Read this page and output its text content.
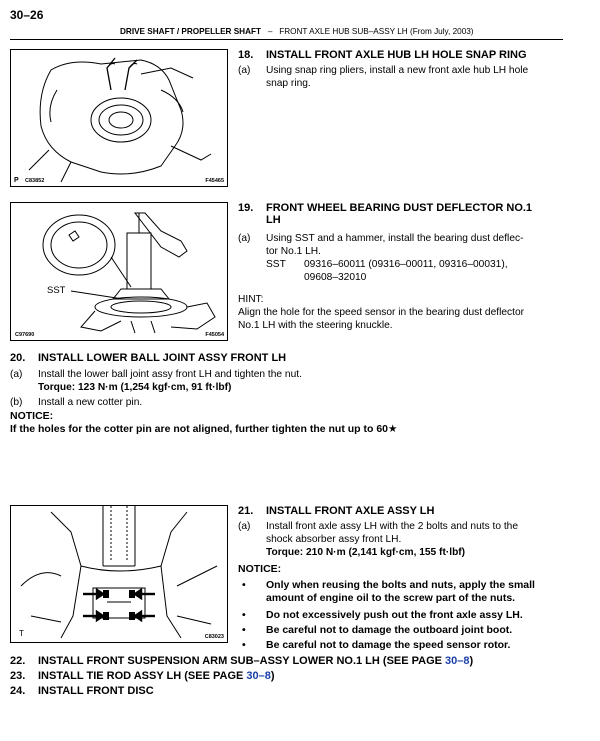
30–26
DRIVE SHAFT / PROPELLER SHAFT – FRONT AXLE HUB SUB–ASSY LH (From July, 2003)
P C83852	F45465
18. INSTALL FRONT AXLE HUB LH HOLE SNAP RING
(a) Using snap ring pliers, install a new front axle hub LH hole
snap ring.
SST
C97690	F45054
19. FRONT WHEEL BEARING DUST DEFLECTOR NO.1
LH
(a) Using SST and a hammer, install the bearing dust deflec-
tor No.1 LH.
SST 09316–60011 (09316–00011, 09316–00031),
09608–32010
HINT:
Align the hole for the speed sensor in the bearing dust deflector
No.1 LH with the steering knuckle.
20. INSTALL LOWER BALL JOINT ASSY FRONT LH
(a) Install the lower ball joint assy front LH and tighten the nut.
Torque: 123 N·m (1,254 kgf·cm, 91 ft·lbf)
(b) Install a new cotter pin.
NOTICE:
If the holes for the cotter pin are not aligned, further tighten the nut up to 60★
T	C83023
21. INSTALL FRONT AXLE ASSY LH
(a) Install front axle assy LH with the 2 bolts and nuts to the
shock absorber assy front LH.
Torque: 210 N·m (2,141 kgf·cm, 155 ft·lbf)
NOTICE:
• Only when reusing the bolts and nuts, apply the small
amount of engine oil to the screw part of the nuts.
• Do not excessively push out the front axle assy LH.
• Be careful not to damage the outboard joint boot.
• Be careful not to damage the speed sensor rotor.
22. INSTALL FRONT SUSPENSION ARM SUB–ASSY LOWER NO.1 LH (SEE PAGE 30–8)
23. INSTALL TIE ROD ASSY LH (SEE PAGE 30–8)
24. INSTALL FRONT DISC
